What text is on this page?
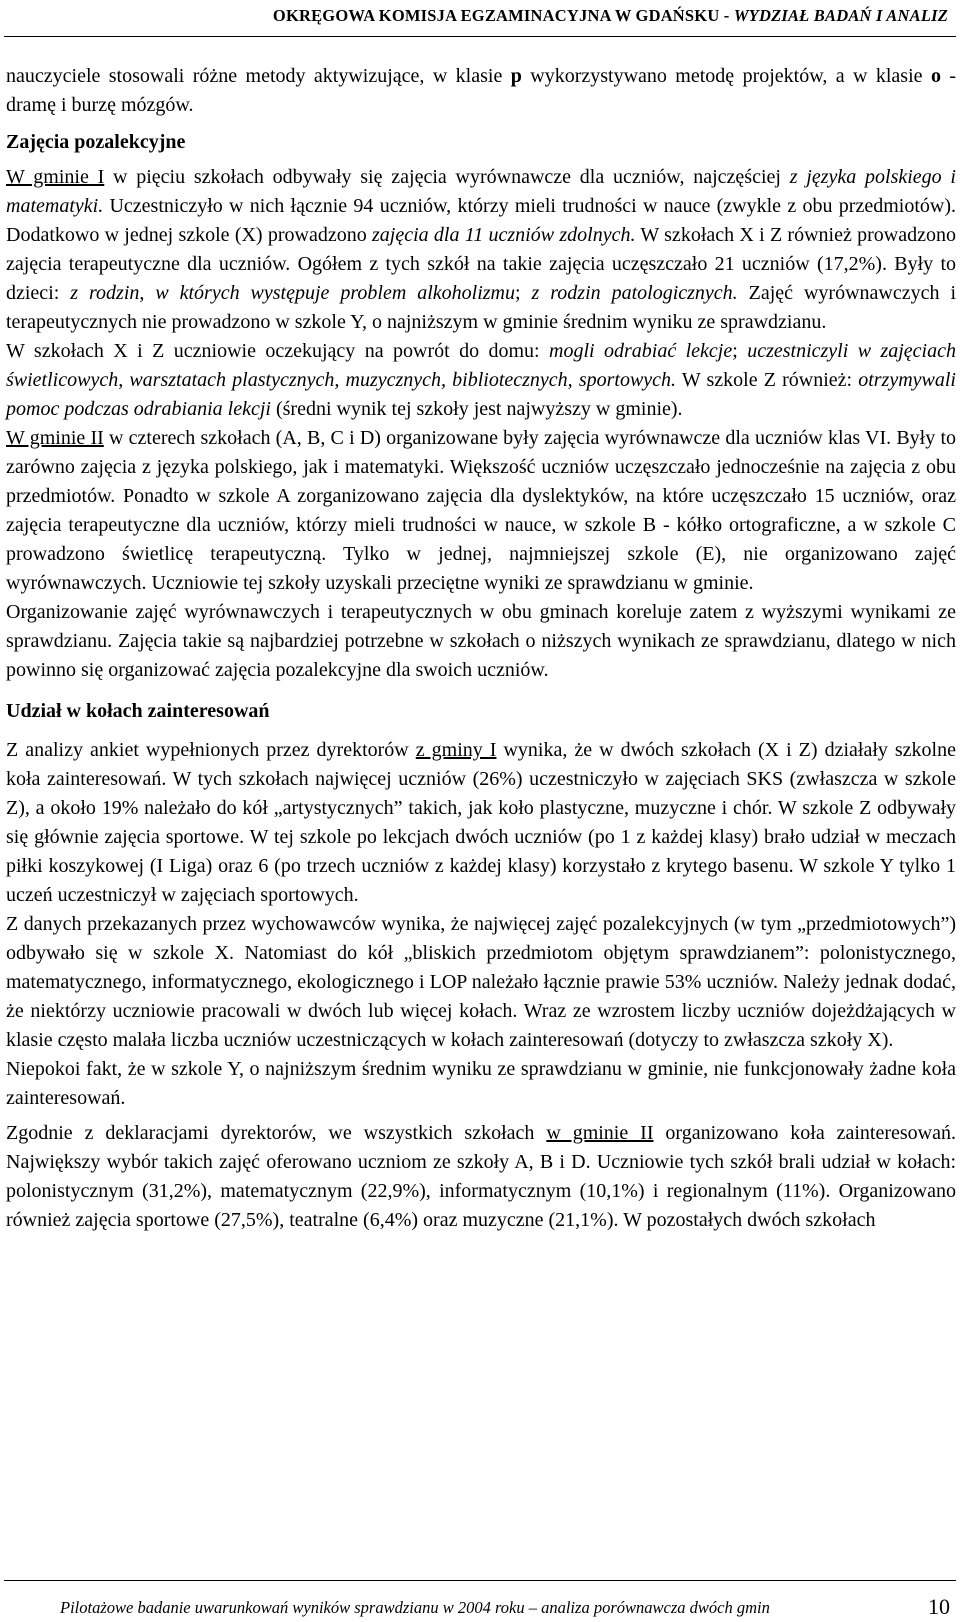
OKRĘGOWA KOMISJA EGZAMINACYJNA W GDAŃSKU - WYDZIAŁ BADAŃ I ANALIZ

nauczyciele stosowali różne metody aktywizujące, w klasie p wykorzystywano metodę projektów, a w klasie o - dramę i burzę mózgów.

Zajęcia pozalekcyjne

W gminie I w pięciu szkołach odbywały się zajęcia wyrównawcze dla uczniów, najczęściej z języka polskiego i matematyki. Uczestniczyło w nich łącznie 94 uczniów, którzy mieli trudności w nauce (zwykle z obu przedmiotów). Dodatkowo w jednej szkole (X) prowadzono zajęcia dla 11 uczniów zdolnych. W szkołach X i Z również prowadzono zajęcia terapeutyczne dla uczniów. Ogółem z tych szkół na takie zajęcia uczęszczało 21 uczniów (17,2%). Były to dzieci: z rodzin, w których występuje problem alkoholizmu; z rodzin patologicznych. Zajęć wyrównawczych i terapeutycznych nie prowadzono w szkole Y, o najniższym w gminie średnim wyniku ze sprawdzianu.

W szkołach X i Z uczniowie oczekujący na powrót do domu: mogli odrabiać lekcje; uczestniczyli w zajęciach świetlicowych, warsztatach plastycznych, muzycznych, bibliotecznych, sportowych. W szkole Z również: otrzymywali pomoc podczas odrabiania lekcji (średni wynik tej szkoły jest najwyższy w gminie).

W gminie II w czterech szkołach (A, B, C i D) organizowane były zajęcia wyrównawcze dla uczniów klas VI. Były to zarówno zajęcia z języka polskiego, jak i matematyki. Większość uczniów uczęszczało jednocześnie na zajęcia z obu przedmiotów. Ponadto w szkole A zorganizowano zajęcia dla dyslektyków, na które uczęszczało 15 uczniów, oraz zajęcia terapeutyczne dla uczniów, którzy mieli trudności w nauce, w szkole B - kółko ortograficzne, a w szkole C prowadzono świetlicę terapeutyczną. Tylko w jednej, najmniejszej szkole (E), nie organizowano zajęć wyrównawczych. Uczniowie tej szkoły uzyskali przeciętne wyniki ze sprawdzianu w gminie.

Organizowanie zajęć wyrównawczych i terapeutycznych w obu gminach koreluje zatem z wyższymi wynikami ze sprawdzianu. Zajęcia takie są najbardziej potrzebne w szkołach o niższych wynikach ze sprawdzianu, dlatego w nich powinno się organizować zajęcia pozalekcyjne dla swoich uczniów.

Udział w kołach zainteresowań

Z analizy ankiet wypełnionych przez dyrektorów z gminy I wynika, że w dwóch szkołach (X i Z) działały szkolne koła zainteresowań. W tych szkołach najwięcej uczniów (26%) uczestniczyło w zajęciach SKS (zwłaszcza w szkole Z), a około 19% należało do kół „artystycznych” takich, jak koło plastyczne, muzyczne i chór. W szkole Z odbywały się głównie zajęcia sportowe. W tej szkole po lekcjach dwóch uczniów (po 1 z każdej klasy) brało udział w meczach piłki koszykowej (I Liga) oraz 6 (po trzech uczniów z każdej klasy) korzystało z krytego basenu. W szkole Y tylko 1 uczeń uczestniczył w zajęciach sportowych.

Z danych przekazanych przez wychowawców wynika, że najwięcej zajęć pozalekcyjnych (w tym „przedmiotowych”) odbywało się w szkole X. Natomiast do kół „bliskich przedmiotom objętym sprawdzianem”: polonistycznego, matematycznego, informatycznego, ekologicznego i LOP należało łącznie prawie 53% uczniów. Należy jednak dodać, że niektórzy uczniowie pracowali w dwóch lub więcej kołach. Wraz ze wzrostem liczby uczniów dojeżdżających w klasie często malała liczba uczniów uczestniczących w kołach zainteresowań (dotyczy to zwłaszcza szkoły X).

Niepokoi fakt, że w szkole Y, o najniższym średnim wyniku ze sprawdzianu w gminie, nie funkcjonowały żadne koła zainteresowań.

Zgodnie z deklaracjami dyrektorów, we wszystkich szkołach w gminie II organizowano koła zainteresowań. Największy wybór takich zajęć oferowano uczniom ze szkoły A, B i D. Uczniowie tych szkół brali udział w kołach: polonistycznym (31,2%), matematycznym (22,9%), informatycznym (10,1%) i regionalnym (11%). Organizowano również zajęcia sportowe (27,5%), teatralne (6,4%) oraz muzyczne (21,1%). W pozostałych dwóch szkołach

Pilotażowe badanie uwarunkowań wyników sprawdzianu w 2004 roku – analiza porównawcza dwóch gmin	10
